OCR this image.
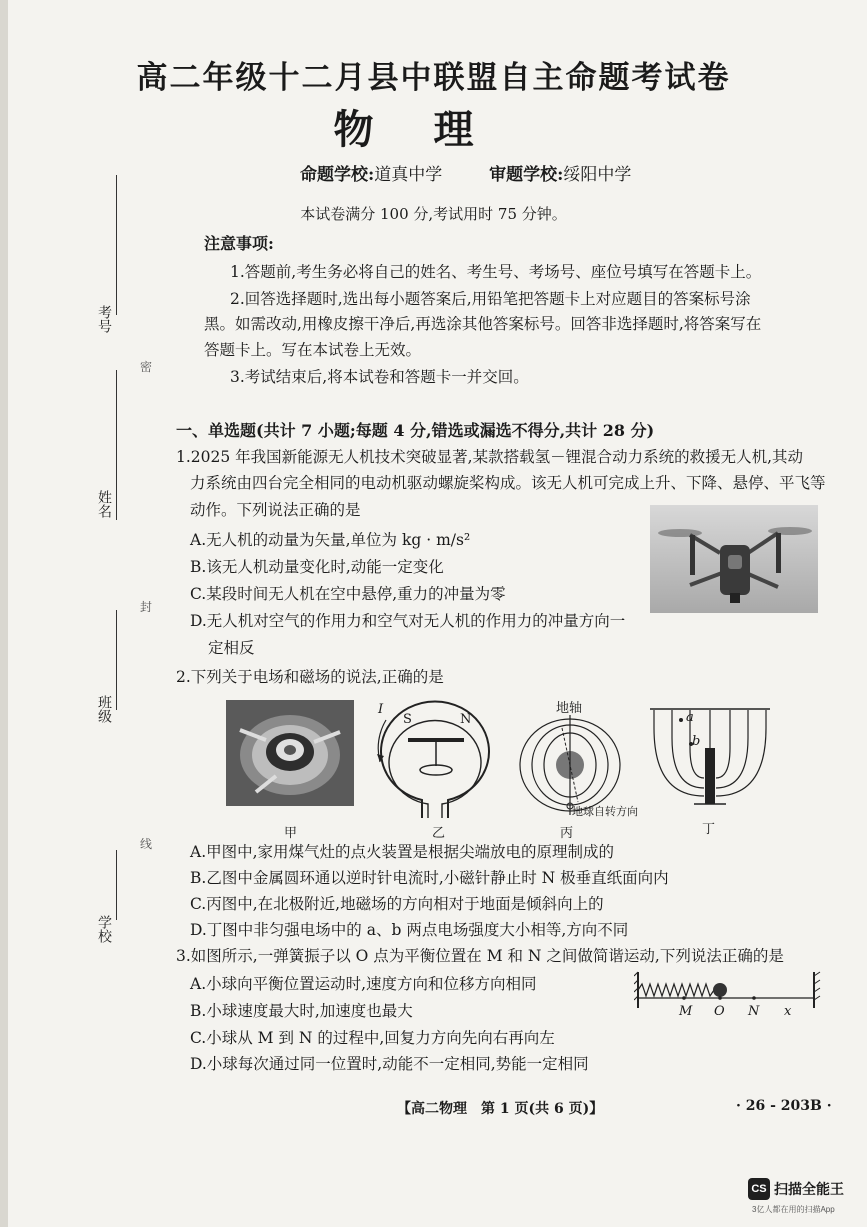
考号
密
姓名
封
班级
线
学校
高二年级十二月县中联盟自主命题考试卷
物理
命题学校:道真中学	审题学校:绥阳中学
本试卷满分 100 分,考试用时 75 分钟。
注意事项:
1.答题前,考生务必将自己的姓名、考生号、考场号、座位号填写在答题卡上。
2.回答选择题时,选出每小题答案后,用铅笔把答题卡上对应题目的答案标号涂
黑。如需改动,用橡皮擦干净后,再选涂其他答案标号。回答非选择题时,将答案写在
答题卡上。写在本试卷上无效。
3.考试结束后,将本试卷和答题卡一并交回。
一、单选题(共计 7 小题;每题 4 分,错选或漏选不得分,共计 28 分)
1.2025 年我国新能源无人机技术突破显著,某款搭载氢－锂混合动力系统的救援无人机,其动
力系统由四台完全相同的电动机驱动螺旋桨构成。该无人机可完成上升、下降、悬停、平飞等
动作。下列说法正确的是
A.无人机的动量为矢量,单位为 kg · m/s²
B.该无人机动量变化时,动能一定变化
C.某段时间无人机在空中悬停,重力的冲量为零
D.无人机对空气的作用力和空气对无人机的作用力的冲量方向一
定相反
2.下列关于电场和磁场的说法,正确的是
甲
I
S	N
乙
地轴
地球自转方向
丙
a
b
丁
A.甲图中,家用煤气灶的点火装置是根据尖端放电的原理制成的
B.乙图中金属圆环通以逆时针电流时,小磁针静止时 N 极垂直纸面向内
C.丙图中,在北极附近,地磁场的方向相对于地面是倾斜向上的
D.丁图中非匀强电场中的 a、b 两点电场强度大小相等,方向不同
3.如图所示,一弹簧振子以 O 点为平衡位置在 M 和 N 之间做简谐运动,下列说法正确的是
A.小球向平衡位置运动时,速度方向和位移方向相同
B.小球速度最大时,加速度也最大
C.小球从 M 到 N 的过程中,回复力方向先向右再向左
D.小球每次通过同一位置时,动能不一定相同,势能一定相同
M O N x
【高二物理　第 1 页(共 6 页)】	· 26 - 203B ·
CS 扫描全能王
3亿人都在用的扫描App
